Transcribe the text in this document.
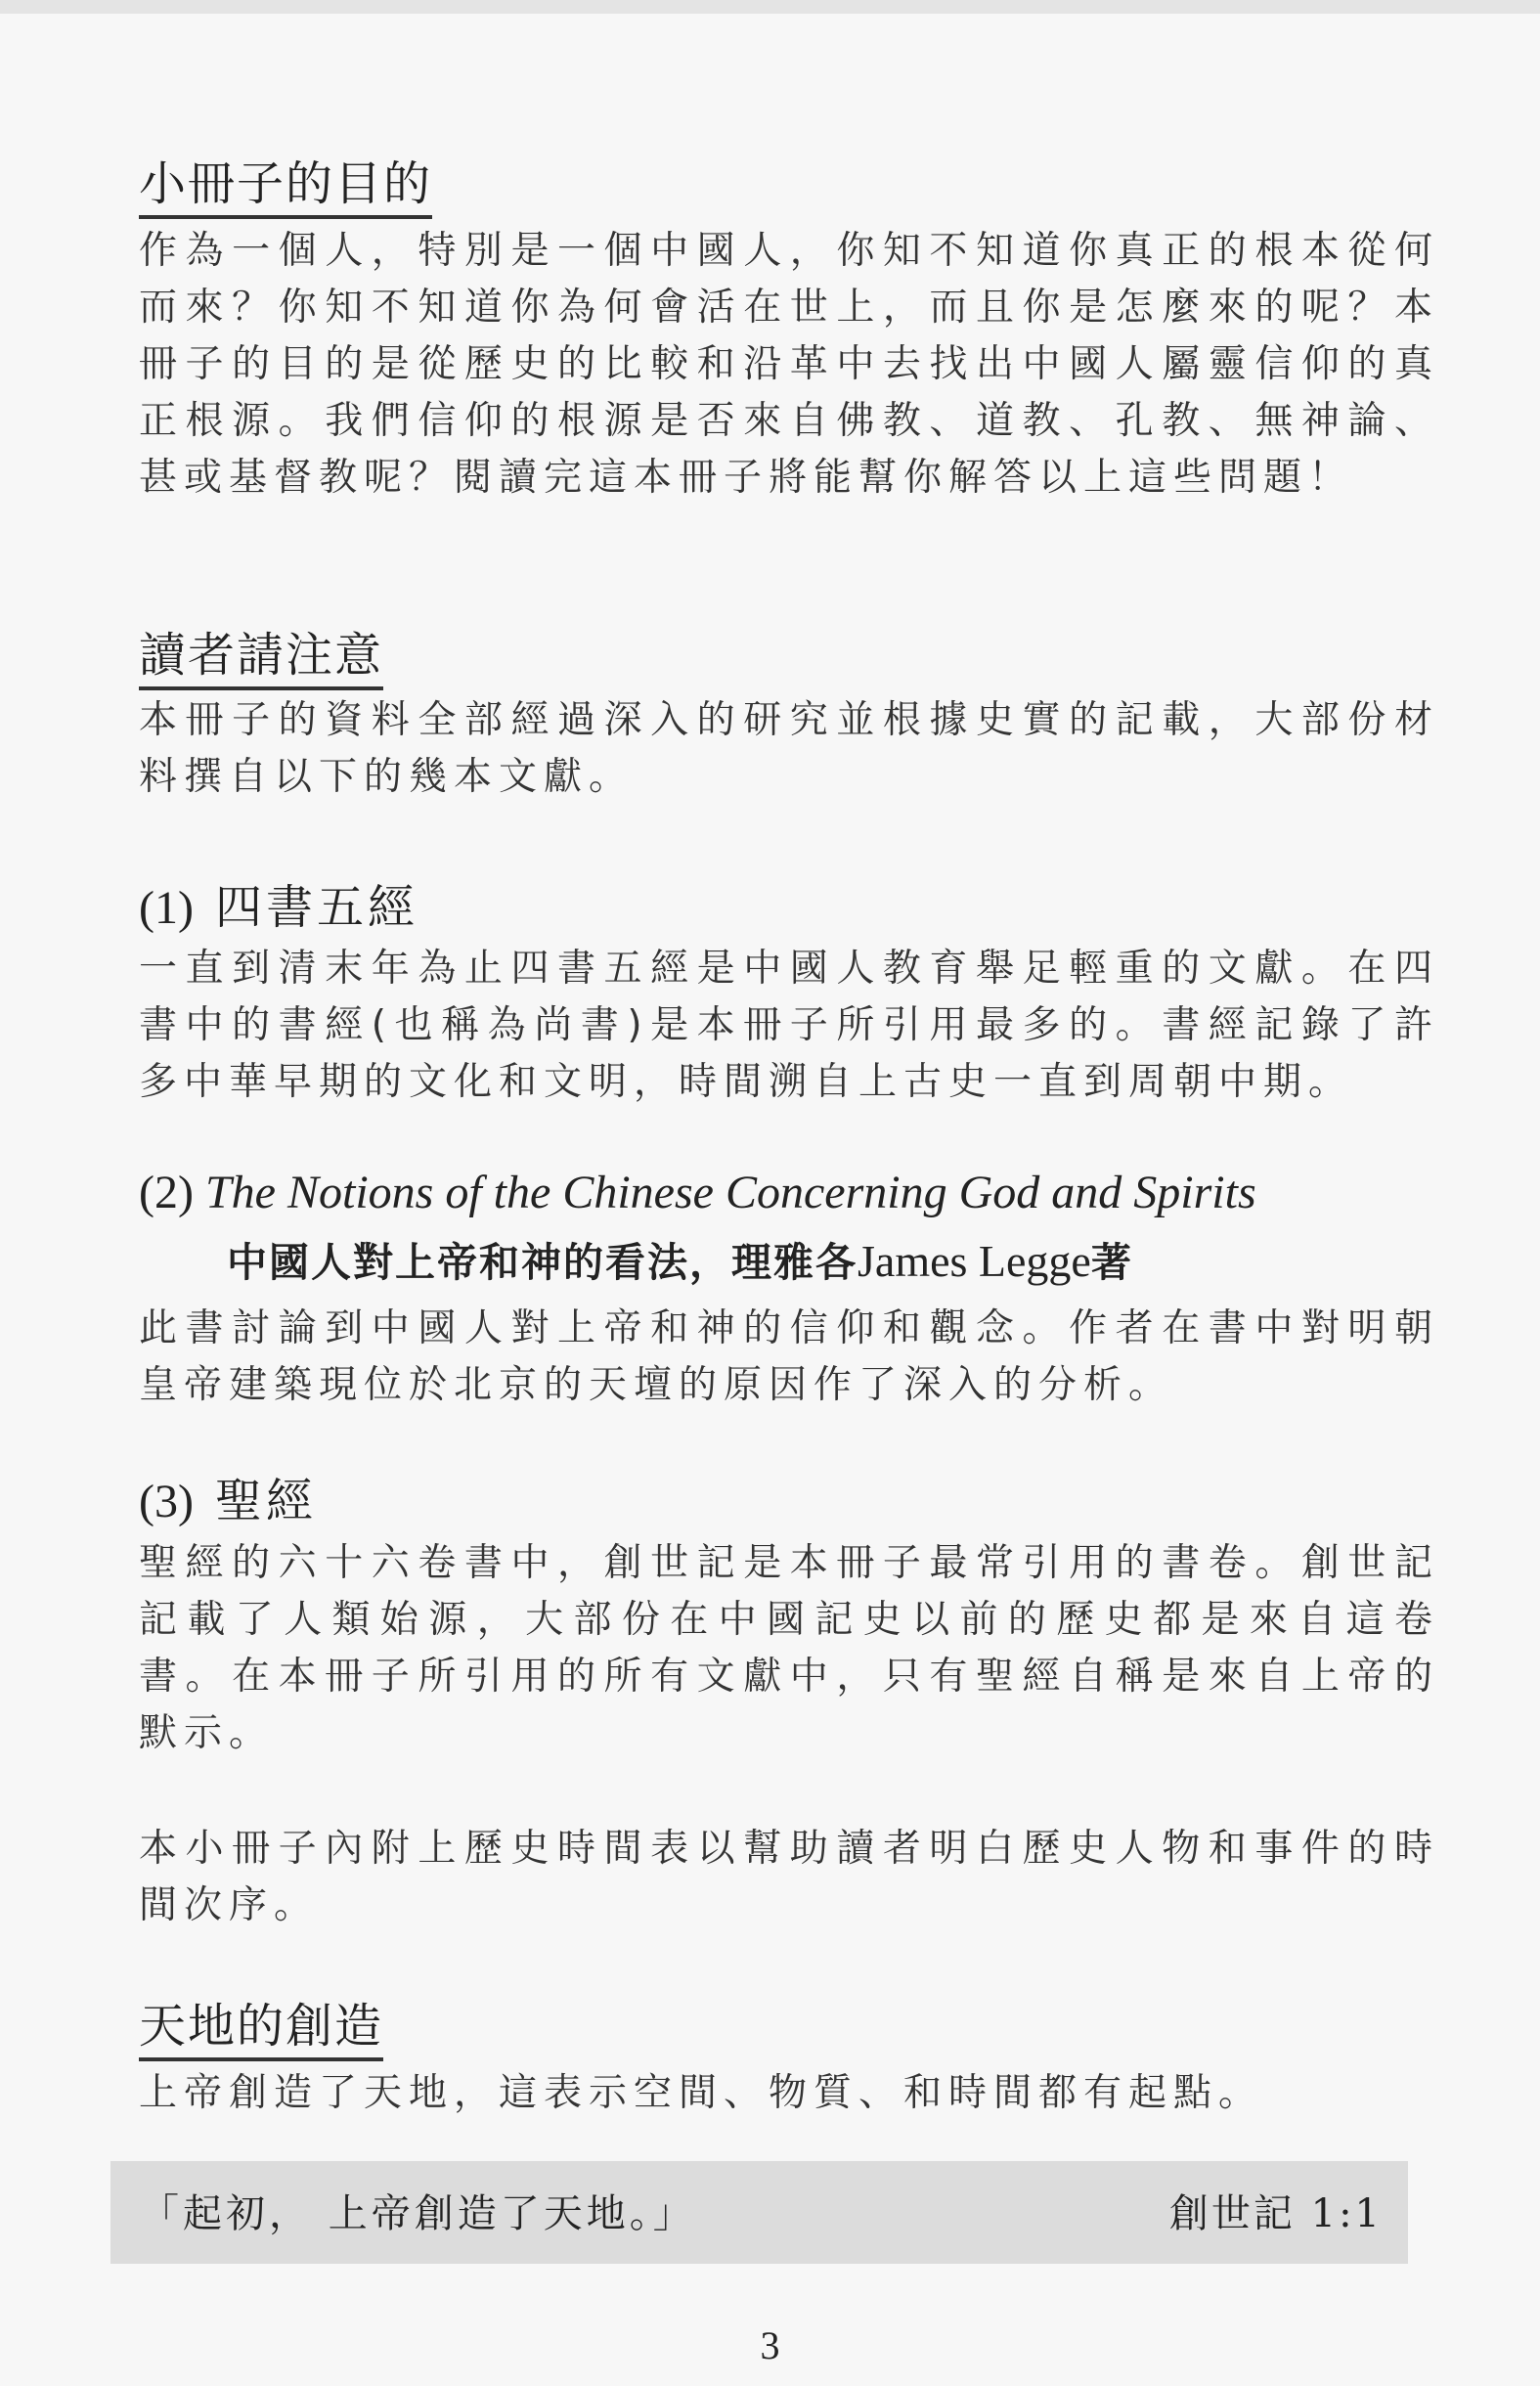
小冊子的目的
作為一個人，特別是一個中國人，你知不知道你真正的根本從何而來？你知不知道你為何會活在世上，而且你是怎麼來的呢？本冊子的目的是從歷史的比較和沿革中去找出中國人屬靈信仰的真正根源。我們信仰的根源是否來自佛教、道教、孔教、無神論、甚或基督教呢？閱讀完這本冊子將能幫你解答以上這些問題！
讀者請注意
本冊子的資料全部經過深入的研究並根據史實的記載，大部份材料撰自以下的幾本文獻。
(1) 四書五經
一直到清末年為止四書五經是中國人教育舉足輕重的文獻。在四書中的書經(也稱為尚書)是本冊子所引用最多的。書經記錄了許多中華早期的文化和文明，時間溯自上古史一直到周朝中期。
(2) The Notions of the Chinese Concerning God and Spirits
中國人對上帝和神的看法，理雅各James Legge著
此書討論到中國人對上帝和神的信仰和觀念。作者在書中對明朝皇帝建築現位於北京的天壇的原因作了深入的分析。
(3) 聖經
聖經的六十六卷書中，創世記是本冊子最常引用的書卷。創世記記載了人類始源，大部份在中國記史以前的歷史都是來自這卷書。在本冊子所引用的所有文獻中，只有聖經自稱是來自上帝的默示。
本小冊子內附上歷史時間表以幫助讀者明白歷史人物和事件的時間次序。
天地的創造
上帝創造了天地，這表示空間、物質、和時間都有起點。
「起初， 上帝創造了天地。」	創世記 1:1
3
